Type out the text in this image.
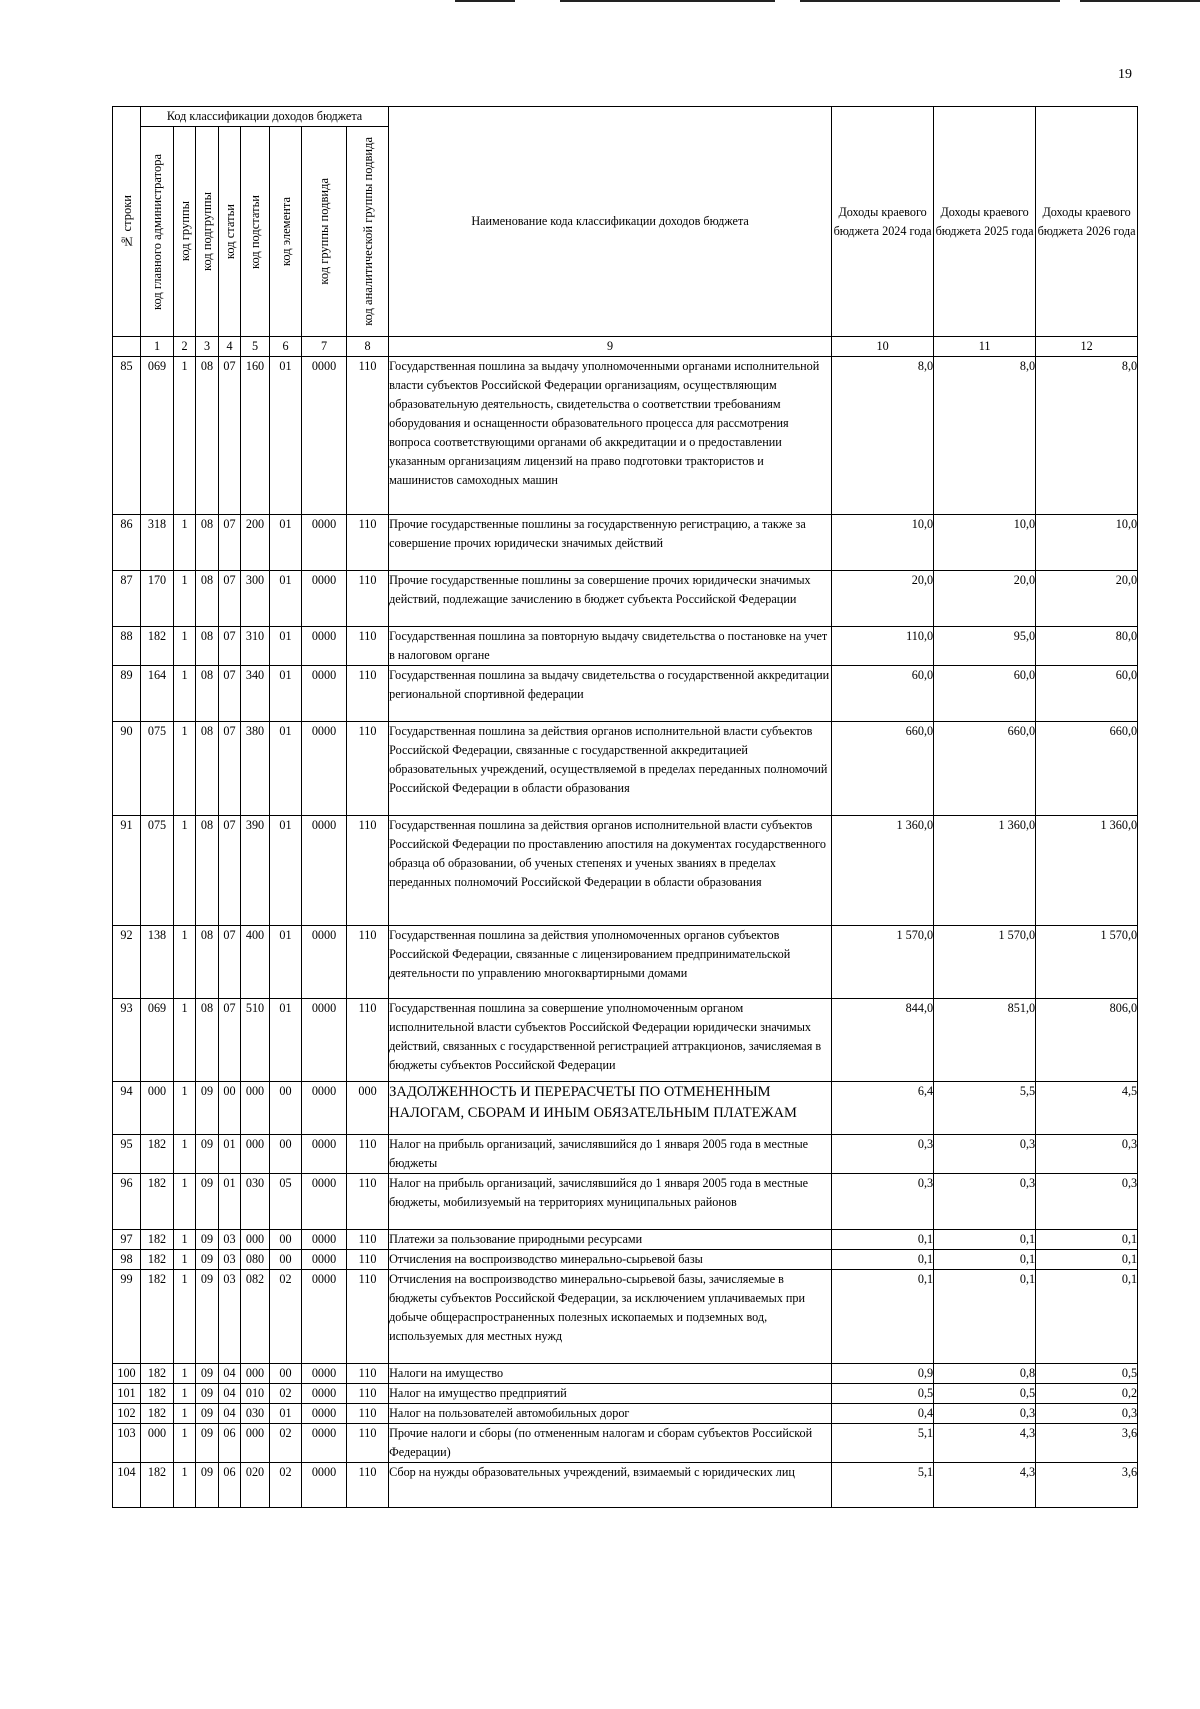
19
№ строки	Код классификации доходов бюджета								Наименование кода классификации доходов бюджета	Доходы краевого бюджета 2024 года	Доходы краевого бюджета 2025 года	Доходы краевого бюджета 2026 года

	код главного администратора	код группы	код подгруппы	код статьи	код подстатьи	код элемента	код группы подвида	код аналитической группы подвида				

	1	2	3	4	5	6	7	8	9	10	11	12
85	069	1	08	07	160	01	0000	110	Государственная пошлина за выдачу уполномоченными органами исполнительной власти субъектов Российской Федерации организациям, осуществляющим образовательную деятельность, свидетельства о соответствии требованиям оборудования и оснащенности образовательного процесса для рассмотрения вопроса соответствующими органами об аккредитации и о предоставлении указанным организациям лицензий на право подготовки трактористов и машинистов самоходных машин	8,0	8,0	8,0
86	318	1	08	07	200	01	0000	110	Прочие государственные пошлины за государственную регистрацию, а также за совершение прочих юридически значимых действий	10,0	10,0	10,0
87	170	1	08	07	300	01	0000	110	Прочие государственные пошлины за совершение прочих юридически значимых действий, подлежащие зачислению в бюджет субъекта Российской Федерации	20,0	20,0	20,0
88	182	1	08	07	310	01	0000	110	Государственная пошлина за повторную выдачу свидетельства о постановке на учет в налоговом органе	110,0	95,0	80,0
89	164	1	08	07	340	01	0000	110	Государственная пошлина за выдачу свидетельства о государственной аккредитации региональной спортивной федерации	60,0	60,0	60,0
90	075	1	08	07	380	01	0000	110	Государственная пошлина за действия органов исполнительной власти субъектов Российской Федерации, связанные с государственной аккредитацией образовательных учреждений, осуществляемой в пределах переданных полномочий Российской Федерации в области образования	660,0	660,0	660,0
91	075	1	08	07	390	01	0000	110	Государственная пошлина за действия органов исполнительной власти субъектов Российской Федерации по проставлению апостиля на документах государственного образца об образовании, об ученых степенях и ученых званиях в пределах переданных полномочий Российской Федерации в области образования	1 360,0	1 360,0	1 360,0
92	138	1	08	07	400	01	0000	110	Государственная пошлина за действия уполномоченных органов субъектов Российской Федерации, связанные с лицензированием предпринимательской деятельности по управлению многоквартирными домами	1 570,0	1 570,0	1 570,0
93	069	1	08	07	510	01	0000	110	Государственная пошлина за совершение уполномоченным органом исполнительной власти субъектов Российской Федерации юридически значимых действий, связанных с государственной регистрацией аттракционов, зачисляемая в бюджеты субъектов Российской Федерации	844,0	851,0	806,0
94	000	1	09	00	000	00	0000	000	ЗАДОЛЖЕННОСТЬ И ПЕРЕРАСЧЕТЫ ПО ОТМЕНЕННЫМ НАЛОГАМ, СБОРАМ И ИНЫМ ОБЯЗАТЕЛЬНЫМ ПЛАТЕЖАМ	6,4	5,5	4,5
95	182	1	09	01	000	00	0000	110	Налог на прибыль организаций, зачислявшийся до 1 января 2005 года в местные бюджеты	0,3	0,3	0,3
96	182	1	09	01	030	05	0000	110	Налог на прибыль организаций, зачислявшийся до 1 января 2005 года в местные бюджеты, мобилизуемый на территориях муниципальных районов	0,3	0,3	0,3
97	182	1	09	03	000	00	0000	110	Платежи за пользование природными ресурсами	0,1	0,1	0,1
98	182	1	09	03	080	00	0000	110	Отчисления на воспроизводство минерально-сырьевой базы	0,1	0,1	0,1
99	182	1	09	03	082	02	0000	110	Отчисления на воспроизводство минерально-сырьевой базы, зачисляемые в бюджеты субъектов Российской Федерации, за исключением уплачиваемых при добыче общераспространенных полезных ископаемых и подземных вод, используемых для местных нужд	0,1	0,1	0,1
100	182	1	09	04	000	00	0000	110	Налоги на имущество	0,9	0,8	0,5
101	182	1	09	04	010	02	0000	110	Налог на имущество предприятий	0,5	0,5	0,2
102	182	1	09	04	030	01	0000	110	Налог на пользователей автомобильных дорог	0,4	0,3	0,3
103	000	1	09	06	000	02	0000	110	Прочие налоги и сборы (по отмененным налогам и сборам субъектов Российской Федерации)	5,1	4,3	3,6
104	182	1	09	06	020	02	0000	110	Сбор на нужды образовательных учреждений, взимаемый с юридических лиц	5,1	4,3	3,6
